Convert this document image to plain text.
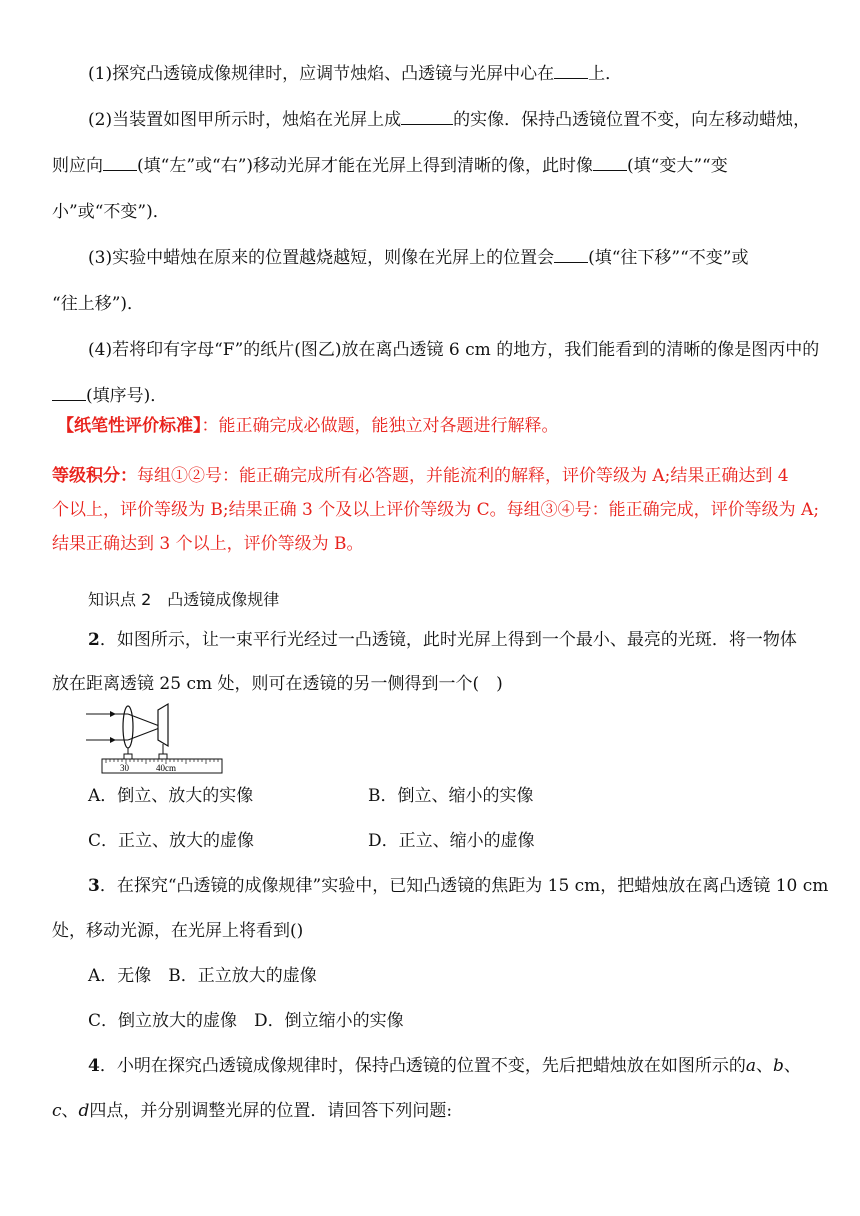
(1)探究凸透镜成像规律时，应调节烛焰、凸透镜与光屏中心在 上．
(2)当装置如图甲所示时，烛焰在光屏上成	的实像．保持凸透镜位置不变，向左移动蜡烛，
则应向 (填“左”或“右”)移动光屏才能在光屏上得到清晰的像，此时像 (填“变大”“变
小”或“不变”)．
(3)实验中蜡烛在原来的位置越烧越短，则像在光屏上的位置会 (填“往下移”“不变”或
“往上移”)．
(4)若将印有字母“F”的纸片(图乙)放在离凸透镜 6 cm 的地方，我们能看到的清晰的像是图丙中的
(填序号)．
【纸笔性评价标准】：能正确完成必做题，能独立对各题进行解释。
等级积分：每组①②号：能正确完成所有必答题，并能流利的解释，评价等级为 A;结果正确达到 4
个以上，评价等级为 B;结果正确 3 个及以上评价等级为 C。每组③④号：能正确完成，评价等级为 A;
结果正确达到 3 个以上，评价等级为 B。
知识点 2　凸透镜成像规律
2．如图所示，让一束平行光经过一凸透镜，此时光屏上得到一个最小、最亮的光斑．将一物体
放在距离透镜 25 cm 处，则可在透镜的另一侧得到一个(　)
30	40cm
A．倒立、放大的实像	B．倒立、缩小的实像
C．正立、放大的虚像	D．正立、缩小的虚像
3．在探究“凸透镜的成像规律”实验中，已知凸透镜的焦距为 15 cm，把蜡烛放在离凸透镜 10 cm
处，移动光源，在光屏上将看到()
A．无像　B．正立放大的虚像
C．倒立放大的虚像　D．倒立缩小的实像
4．小明在探究凸透镜成像规律时，保持凸透镜的位置不变，先后把蜡烛放在如图所示的a、b、
c、d四点，并分别调整光屏的位置．请回答下列问题:
